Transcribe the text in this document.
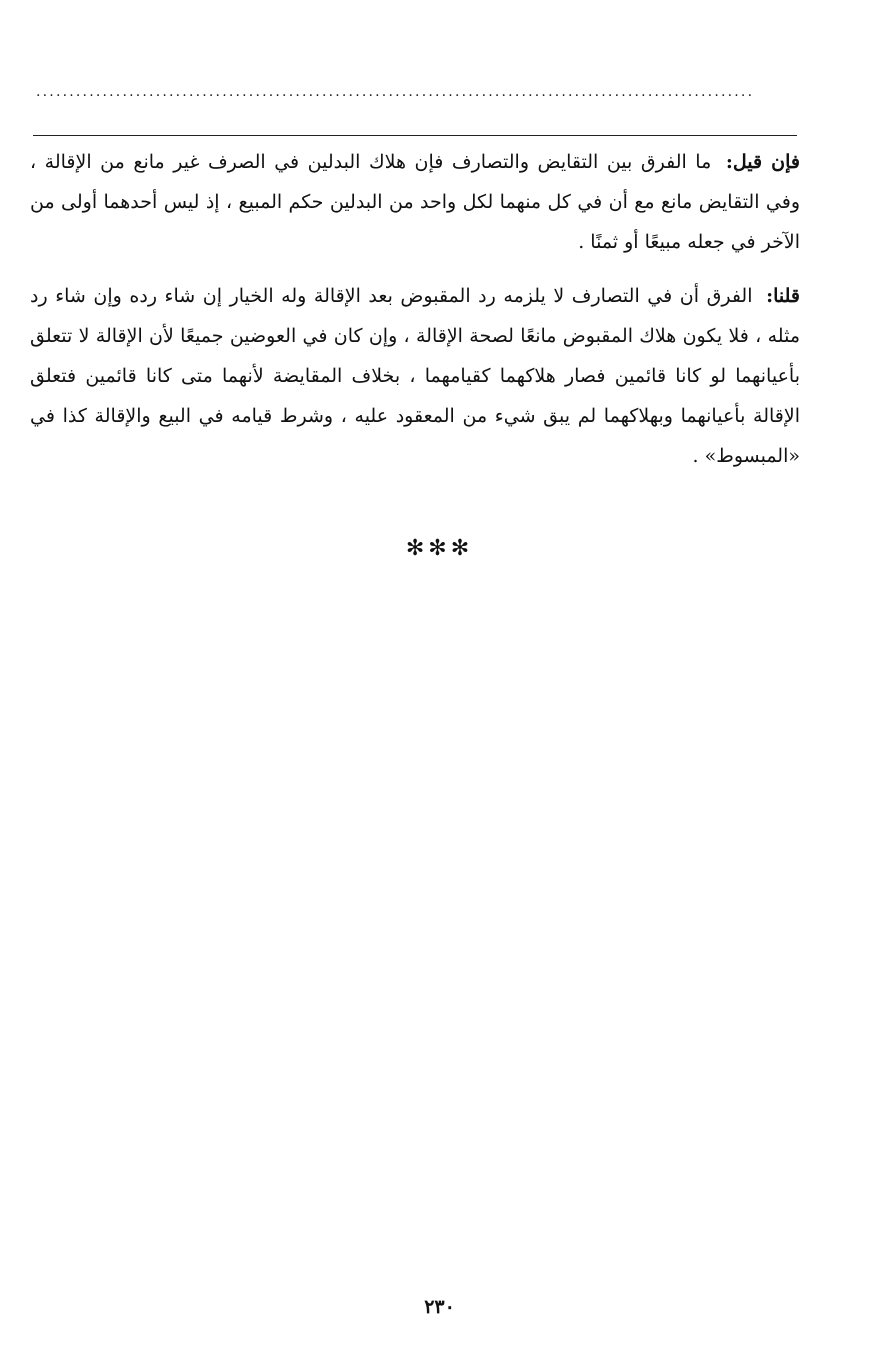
............................................................................................................

فإن قيل: ما الفرق بين التقايض والتصارف فإن هلاك البدلين في الصرف غير مانع من الإقالة ، وفي التقايض مانع مع أن في كل منهما لكل واحد من البدلين حكم المبيع ، إذ ليس أحدهما أولى من الآخر في جعله مبيعًا أو ثمنًا .

قلنا: الفرق أن في التصارف لا يلزمه رد المقبوض بعد الإقالة وله الخيار إن شاء رده وإن شاء رد مثله ، فلا يكون هلاك المقبوض مانعًا لصحة الإقالة ، وإن كان في العوضين جميعًا لأن الإقالة لا تتعلق بأعيانهما لو كانا قائمين فصار هلاكهما كقيامهما ، بخلاف المقايضة لأنهما متى كانا قائمين فتعلق الإقالة بأعيانهما وبهلاكهما لم يبق شيء من المعقود عليه ، وشرط قيامه في البيع والإقالة كذا في «المبسوط» .

✻✻✻
٢٣٠
